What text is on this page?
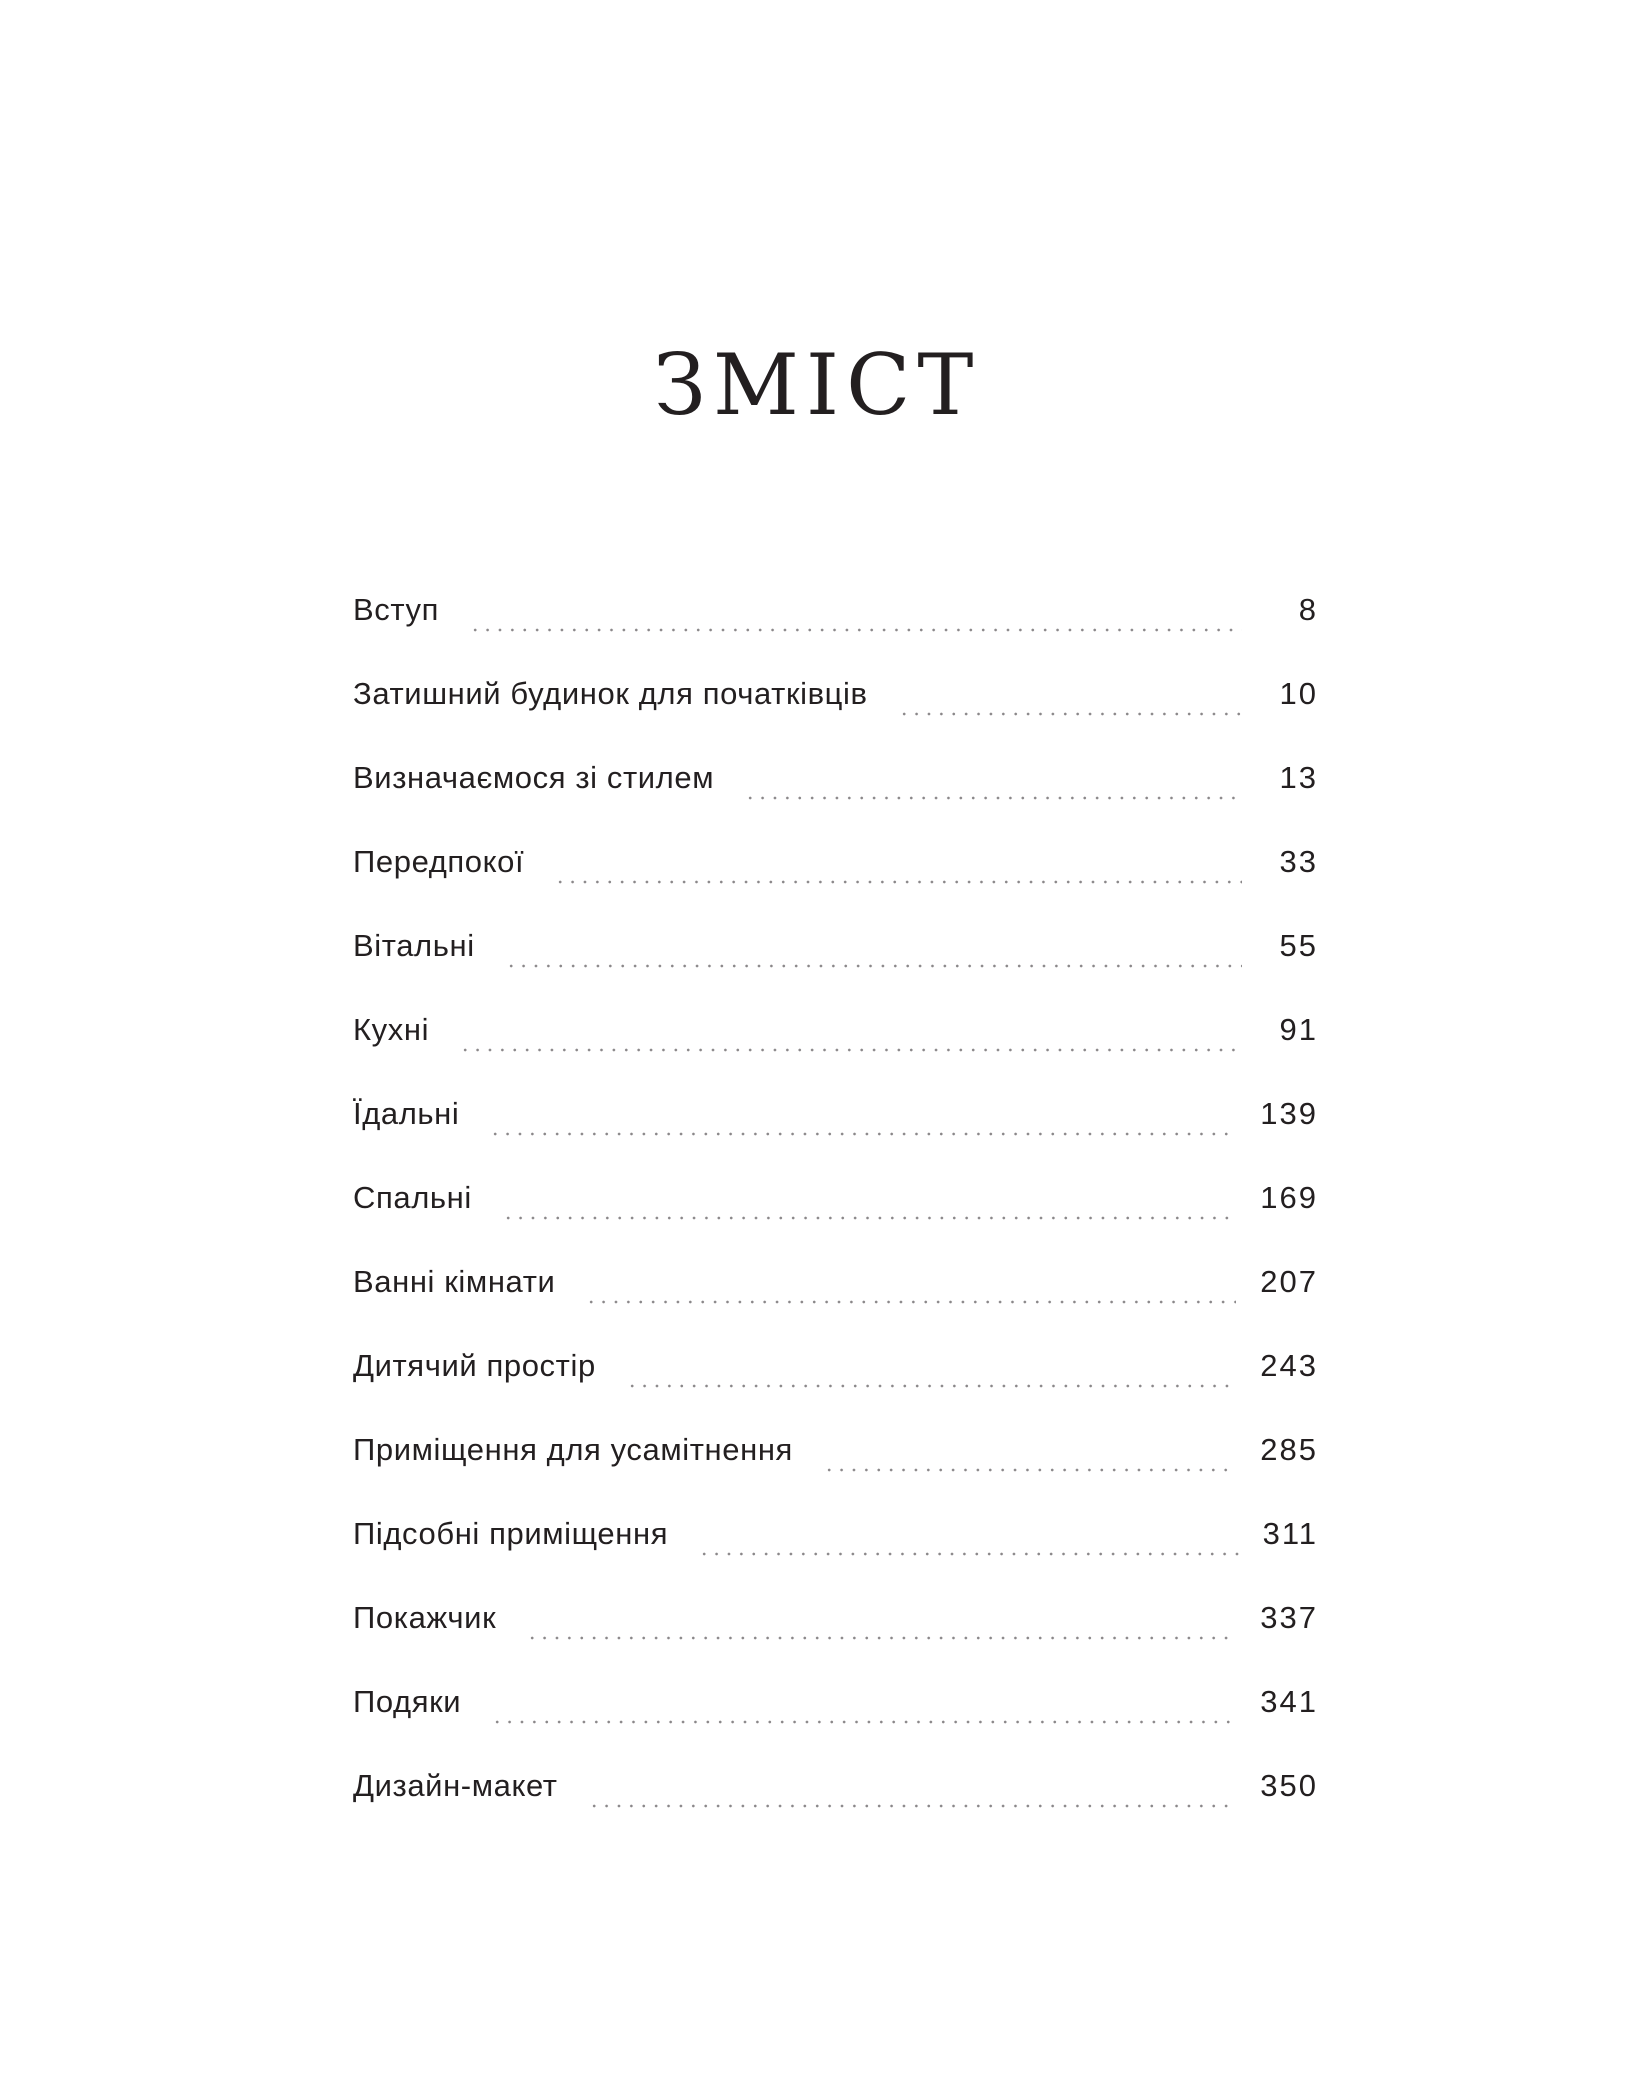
ЗМІСТ
Вступ	8
Затишний будинок для початківців	10
Визначаємося зі стилем	13
Передпокої	33
Вітальні	55
Кухні	91
Їдальні	139
Спальні	169
Ванні кімнати	207
Дитячий простір	243
Приміщення для усамітнення	285
Підсобні приміщення	311
Покажчик	337
Подяки	341
Дизайн-макет	350
